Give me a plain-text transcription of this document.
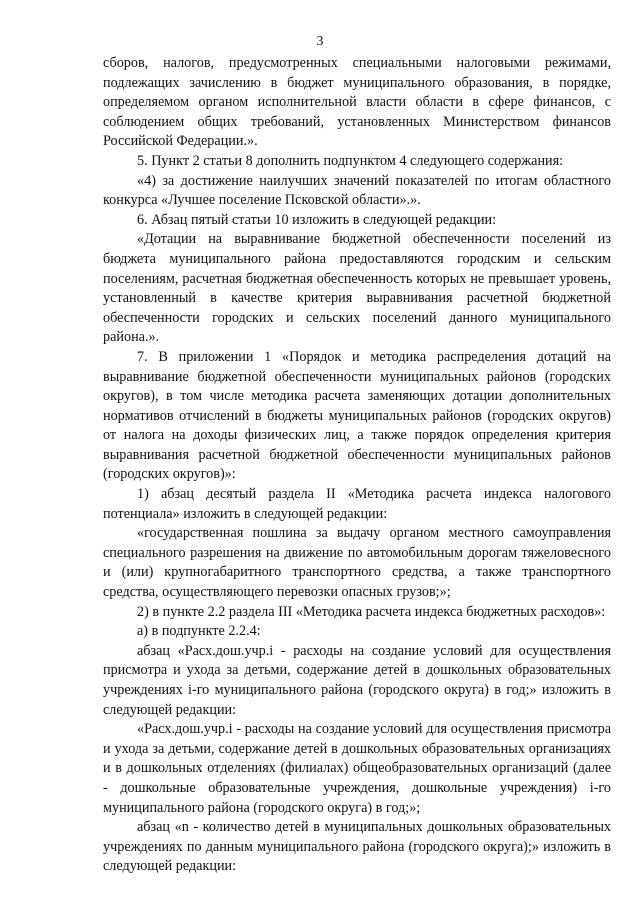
3

сборов, налогов, предусмотренных специальными налоговыми режимами, подлежащих зачислению в бюджет муниципального образования, в порядке, определяемом органом исполнительной власти области в сфере финансов, с соблюдением общих требований, установленных Министерством финансов Российской Федерации.».

5. Пункт 2 статьи 8 дополнить подпунктом 4 следующего содержания:

«4) за достижение наилучших значений показателей по итогам областного конкурса «Лучшее поселение Псковской области».».

6. Абзац пятый статьи 10 изложить в следующей редакции:

«Дотации на выравнивание бюджетной обеспеченности поселений из бюджета муниципального района предоставляются городским и сельским поселениям, расчетная бюджетная обеспеченность которых не превышает уровень, установленный в качестве критерия выравнивания расчетной бюджетной обеспеченности городских и сельских поселений данного муниципального района.».

7. В приложении 1 «Порядок и методика распределения дотаций на выравнивание бюджетной обеспеченности муниципальных районов (городских округов), в том числе методика расчета заменяющих дотации дополнительных нормативов отчислений в бюджеты муниципальных районов (городских округов) от налога на доходы физических лиц, а также порядок определения критерия выравнивания расчетной бюджетной обеспеченности муниципальных районов (городских округов)»:

1) абзац десятый раздела II «Методика расчета индекса налогового потенциала» изложить в следующей редакции:

«государственная пошлина за выдачу органом местного самоуправления специального разрешения на движение по автомобильным дорогам тяжеловесного и (или) крупногабаритного транспортного средства, а также транспортного средства, осуществляющего перевозки опасных грузов;»;

2) в пункте 2.2 раздела III «Методика расчета индекса бюджетных расходов»:

а) в подпункте 2.2.4:

абзац «Расх.дош.учр.i - расходы на создание условий для осуществления присмотра и ухода за детьми, содержание детей в дошкольных образовательных учреждениях i-го муниципального района (городского округа) в год;» изложить в следующей редакции:

«Расх.дош.учр.i - расходы на создание условий для осуществления присмотра и ухода за детьми, содержание детей в дошкольных образовательных организациях и в дошкольных отделениях (филиалах) общеобразовательных организаций (далее - дошкольные образовательные учреждения, дошкольные учреждения) i-го муниципального района (городского округа) в год;»;

абзац «n - количество детей в муниципальных дошкольных образовательных учреждениях по данным муниципального района (городского округа);» изложить в следующей редакции:
